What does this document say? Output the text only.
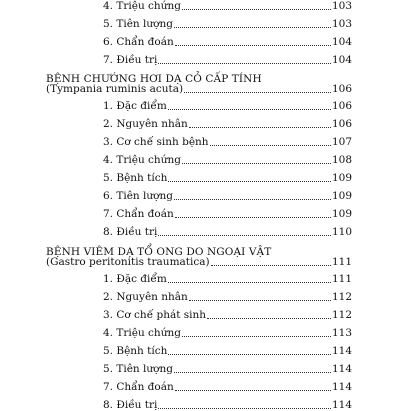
4. Triệu chứng	103
5. Tiên lượng	103
6. Chẩn đoán	104
7. Điều trị	104
BỆNH CHƯỚNG HƠI DẠ CỎ CẤP TÍNH
(Tympania ruminis acuta)	106
1. Đặc điểm	106
2. Nguyên nhân	106
3. Cơ chế sinh bệnh	107
4. Triệu chứng	108
5. Bệnh tích	109
6. Tiên lượng	109
7. Chẩn đoán	109
8. Điều trị	110
BỆNH VIÊM DẠ TỔ ONG DO NGOẠI VẬT
(Gastro peritonitis traumatica)	111
1. Đặc điểm	111
2. Nguyên nhân	112
3. Cơ chế phát sinh	112
4. Triệu chứng	113
5. Bệnh tích	114
5. Tiên lượng	114
7. Chẩn đoán	114
8. Điều trị	114
